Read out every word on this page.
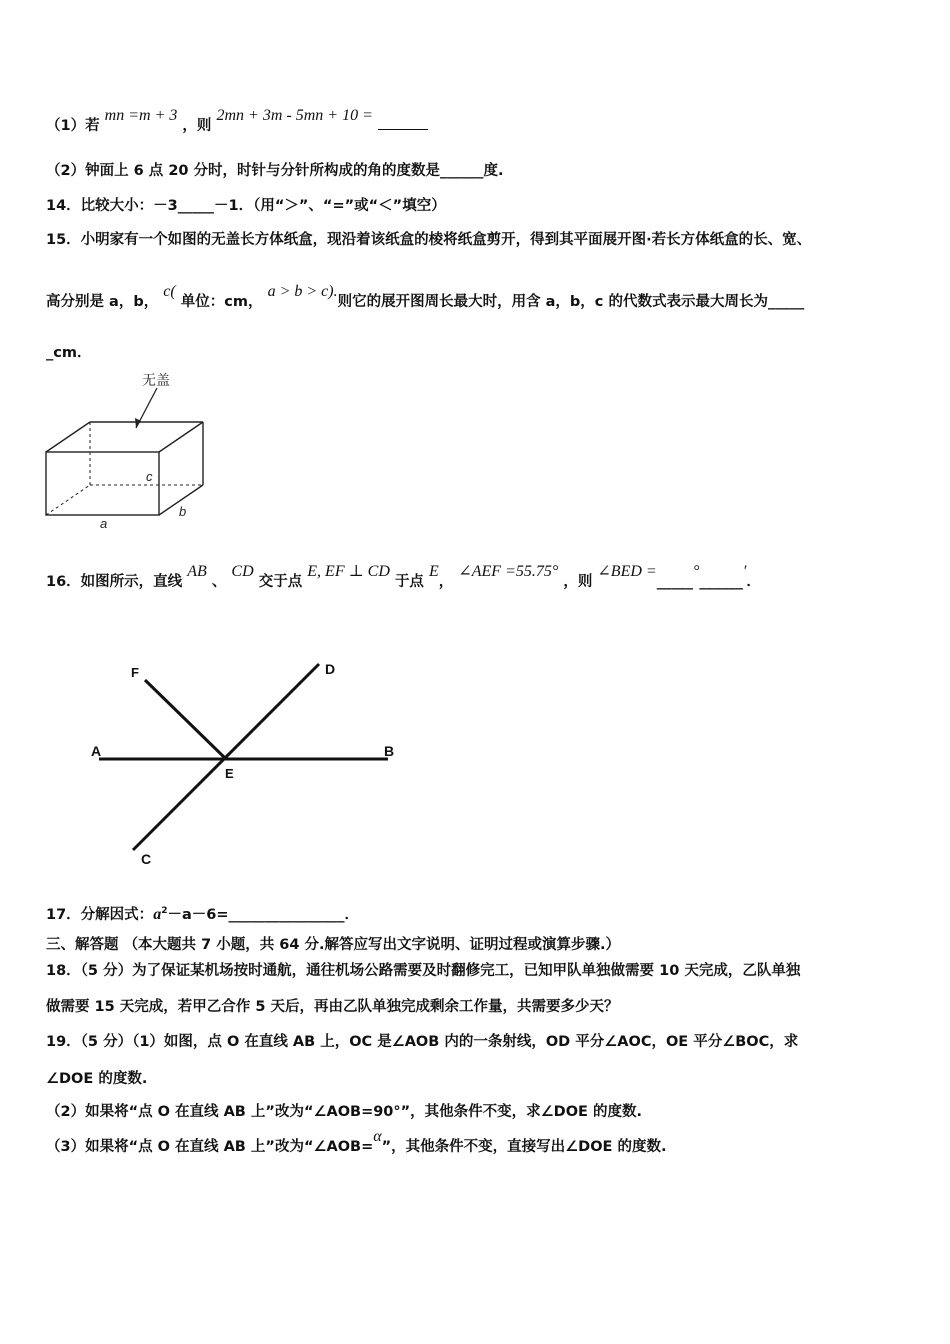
（1）若 mn =m + 3 ，则 2mn + 3m - 5mn + 10 =
（2）钟面上 6 点 20 分时，时针与分针所构成的角的度数是______度.
14．比较大小：－3_____－1．（用“＞”、“=”或“＜”填空）
15．小明家有一个如图的无盖长方体纸盒，现沿着该纸盒的棱将纸盒剪开，得到其平面展开图·若长方体纸盒的长、宽、
高分别是 a，b， c( 单位：cm， a > b > c).则它的展开图周长最大时，用含 a，b，c 的代数式表示最大周长为_____
_cm．
无盖
a
b
c
16．如图所示，直线 AB 、 CD 交于点 E, EF ⊥ CD 于点 E， ∠AEF =55.75° ，则 ∠BED =_____°______′．
A	B
C
D
E
F
17．分解因式：$a^2-a-6=\_\_\_\_\_\_\_\_\_\_\_\_\_\_\_\_$．
三、解答题 （本大题共 7 小题，共 64 分.解答应写出文字说明、证明过程或演算步骤.）
18．（5 分）为了保证某机场按时通航，通往机场公路需要及时翻修完工，已知甲队单独做需要 10 天完成，乙队单独
做需要 15 天完成，若甲乙合作 5 天后，再由乙队单独完成剩余工作量，共需要多少天？
19．（5 分）（1）如图，点 O 在直线 AB 上，OC 是∠AOB 内的一条射线，OD 平分∠AOC，OE 平分∠BOC，求
∠DOE 的度数.
（2）如果将“点 O 在直线 AB 上”改为“∠AOB=90°”，其他条件不变，求∠DOE 的度数.
（3）如果将“点 O 在直线 AB 上”改为“∠AOB=α”，其他条件不变，直接写出∠DOE 的度数.
